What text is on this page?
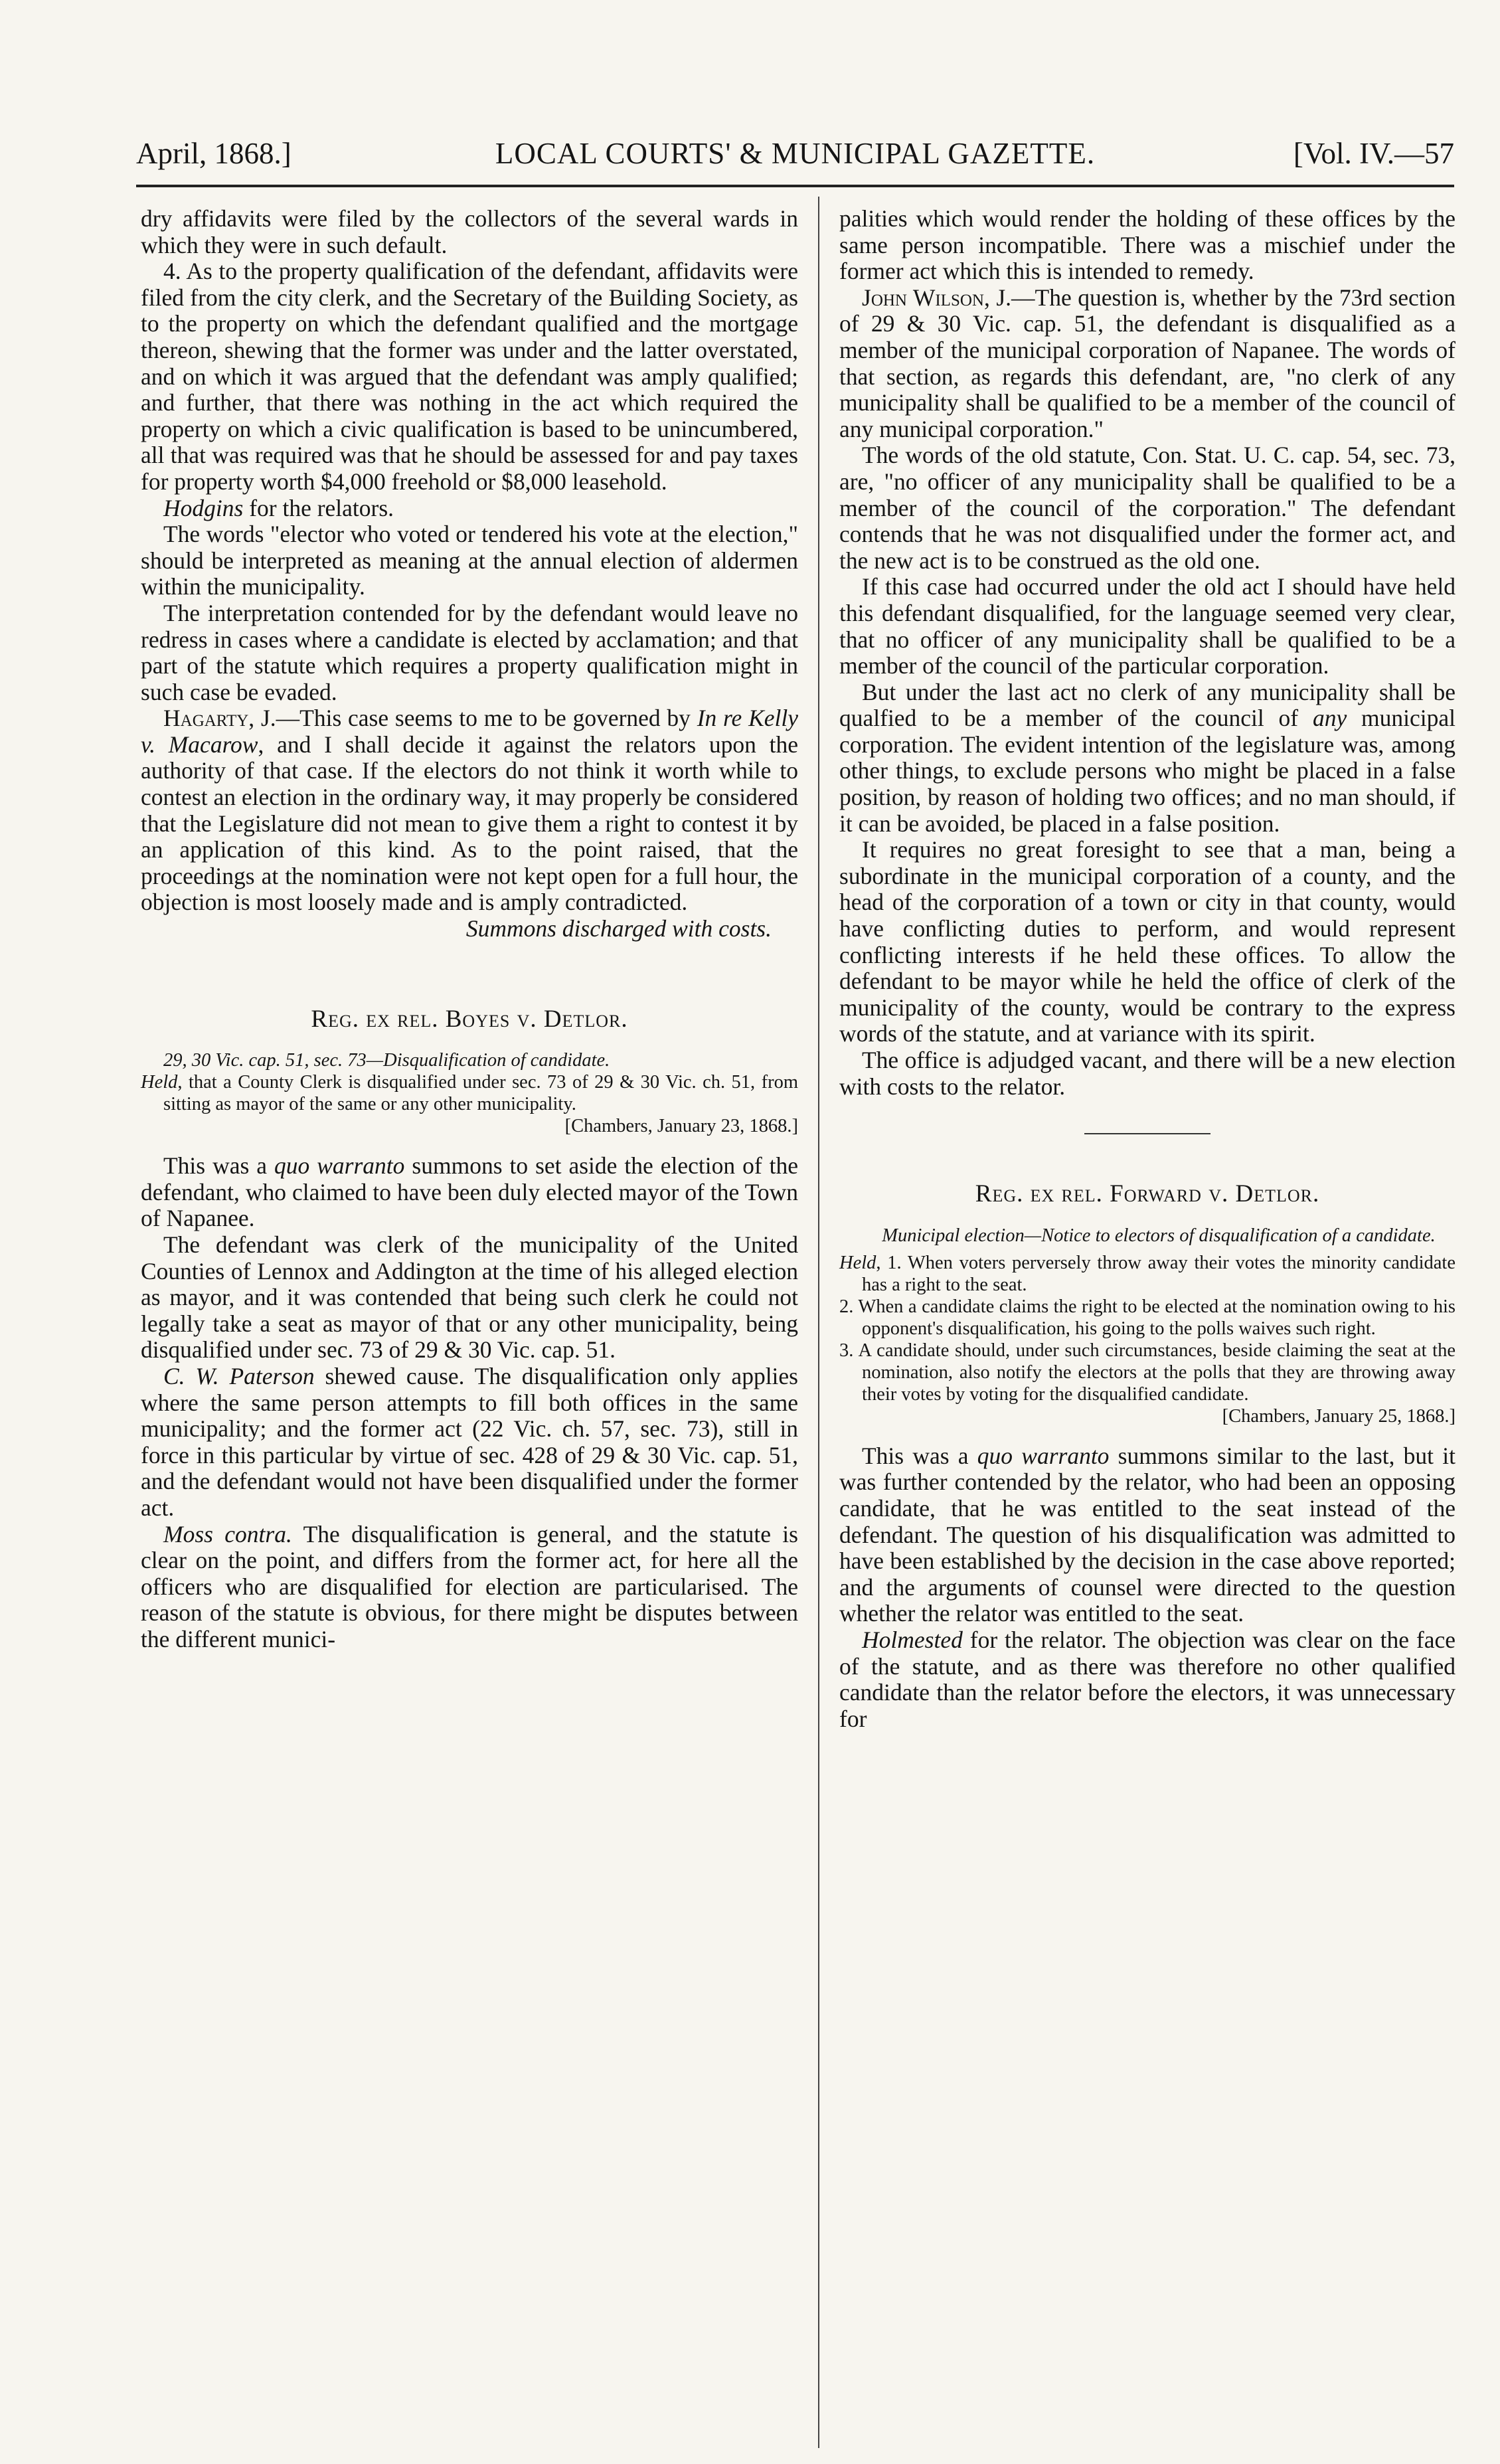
April, 1868.]	LOCAL COURTS' & MUNICIPAL GAZETTE.	[Vol. IV.—57

dry affidavits were filed by the collectors of the several wards in which they were in such default.

4. As to the property qualification of the defendant, affidavits were filed from the city clerk, and the Secretary of the Building Society, as to the property on which the defendant qualified and the mortgage thereon, shewing that the former was under and the latter overstated, and on which it was argued that the defendant was amply qualified; and further, that there was nothing in the act which required the property on which a civic qualification is based to be unincumbered, all that was required was that he should be assessed for and pay taxes for property worth $4,000 freehold or $8,000 leasehold.

Hodgins for the relators.

The words "elector who voted or tendered his vote at the election," should be interpreted as meaning at the annual election of aldermen within the municipality.

The interpretation contended for by the defendant would leave no redress in cases where a candidate is elected by acclamation; and that part of the statute which requires a property qualification might in such case be evaded.

Hagarty, J.—This case seems to me to be governed by In re Kelly v. Macarow, and I shall decide it against the relators upon the authority of that case. If the electors do not think it worth while to contest an election in the ordinary way, it may properly be considered that the Legislature did not mean to give them a right to contest it by an application of this kind. As to the point raised, that the proceedings at the nomination were not kept open for a full hour, the objection is most loosely made and is amply contradicted.

Summons discharged with costs.

Reg. ex rel. Boyes v. Detlor.

29, 30 Vic. cap. 51, sec. 73—Disqualification of candidate.

Held, that a County Clerk is disqualified under sec. 73 of 29 & 30 Vic. ch. 51, from sitting as mayor of the same or any other municipality.

[Chambers, January 23, 1868.]

This was a quo warranto summons to set aside the election of the defendant, who claimed to have been duly elected mayor of the Town of Napanee.

The defendant was clerk of the municipality of the United Counties of Lennox and Addington at the time of his alleged election as mayor, and it was contended that being such clerk he could not legally take a seat as mayor of that or any other municipality, being disqualified under sec. 73 of 29 & 30 Vic. cap. 51.

C. W. Paterson shewed cause. The disqualification only applies where the same person attempts to fill both offices in the same municipality; and the former act (22 Vic. ch. 57, sec. 73), still in force in this particular by virtue of sec. 428 of 29 & 30 Vic. cap. 51, and the defendant would not have been disqualified under the former act.

Moss contra. The disqualification is general, and the statute is clear on the point, and differs from the former act, for here all the officers who are disqualified for election are particularised. The reason of the statute is obvious, for there might be disputes between the different munici-

palities which would render the holding of these offices by the same person incompatible. There was a mischief under the former act which this is intended to remedy.

John Wilson, J.—The question is, whether by the 73rd section of 29 & 30 Vic. cap. 51, the defendant is disqualified as a member of the municipal corporation of Napanee. The words of that section, as regards this defendant, are, "no clerk of any municipality shall be qualified to be a member of the council of any municipal corporation."

The words of the old statute, Con. Stat. U. C. cap. 54, sec. 73, are, "no officer of any municipality shall be qualified to be a member of the council of the corporation." The defendant contends that he was not disqualified under the former act, and the new act is to be construed as the old one.

If this case had occurred under the old act I should have held this defendant disqualified, for the language seemed very clear, that no officer of any municipality shall be qualified to be a member of the council of the particular corporation.

But under the last act no clerk of any municipality shall be qualfied to be a member of the council of any municipal corporation. The evident intention of the legislature was, among other things, to exclude persons who might be placed in a false position, by reason of holding two offices; and no man should, if it can be avoided, be placed in a false position.

It requires no great foresight to see that a man, being a subordinate in the municipal corporation of a county, and the head of the corporation of a town or city in that county, would have conflicting duties to perform, and would represent conflicting interests if he held these offices. To allow the defendant to be mayor while he held the office of clerk of the municipality of the county, would be contrary to the express words of the statute, and at variance with its spirit.

The office is adjudged vacant, and there will be a new election with costs to the relator.

Reg. ex rel. Forward v. Detlor.

Municipal election—Notice to electors of disqualification of a candidate.

Held, 1. When voters perversely throw away their votes the minority candidate has a right to the seat.

2. When a candidate claims the right to be elected at the nomination owing to his opponent's disqualification, his going to the polls waives such right.

3. A candidate should, under such circumstances, beside claiming the seat at the nomination, also notify the electors at the polls that they are throwing away their votes by voting for the disqualified candidate.

[Chambers, January 25, 1868.]

This was a quo warranto summons similar to the last, but it was further contended by the relator, who had been an opposing candidate, that he was entitled to the seat instead of the defendant. The question of his disqualification was admitted to have been established by the decision in the case above reported; and the arguments of counsel were directed to the question whether the relator was entitled to the seat.

Holmested for the relator. The objection was clear on the face of the statute, and as there was therefore no other qualified candidate than the relator before the electors, it was unnecessary for
